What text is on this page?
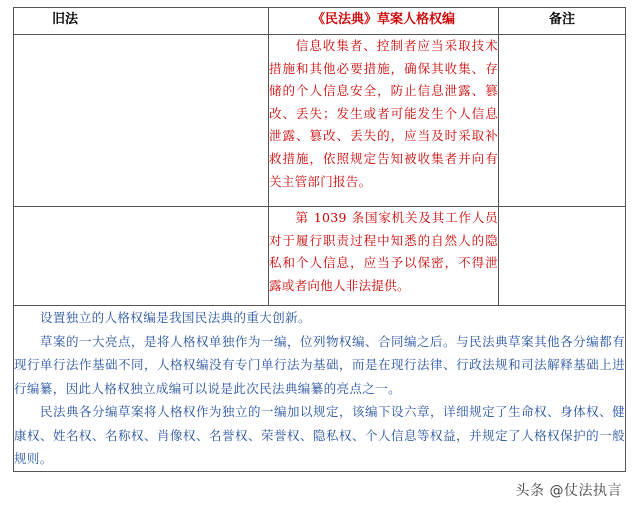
旧法	《民法典》草案人格权编	备注
	信息收集者、控制者应当采取技术措施和其他必要措施，确保其收集、存储的个人信息安全，防止信息泄露、篡改、丢失；发生或者可能发生个人信息泄露、篡改、丢失的，应当及时采取补救措施，依照规定告知被收集者并向有关主管部门报告。	
	第 1039 条国家机关及其工作人员对于履行职责过程中知悉的自然人的隐私和个人信息，应当予以保密，不得泄露或者向他人非法提供。	

设置独立的人格权编是我国民法典的重大创新。

草案的一大亮点，是将人格权单独作为一编，位列物权编、合同编之后。与民法典草案其他各分编都有现行单行法作基础不同，人格权编没有专门单行法为基础，而是在现行法律、行政法规和司法解释基础上进行编纂，因此人格权独立成编可以说是此次民法典编纂的亮点之一。

民法典各分编草案将人格权作为独立的一编加以规定，该编下设六章，详细规定了生命权、身体权、健康权、姓名权、名称权、肖像权、名誉权、荣誉权、隐私权、个人信息等权益，并规定了人格权保护的一般规则。		

头条 @仗法执言
